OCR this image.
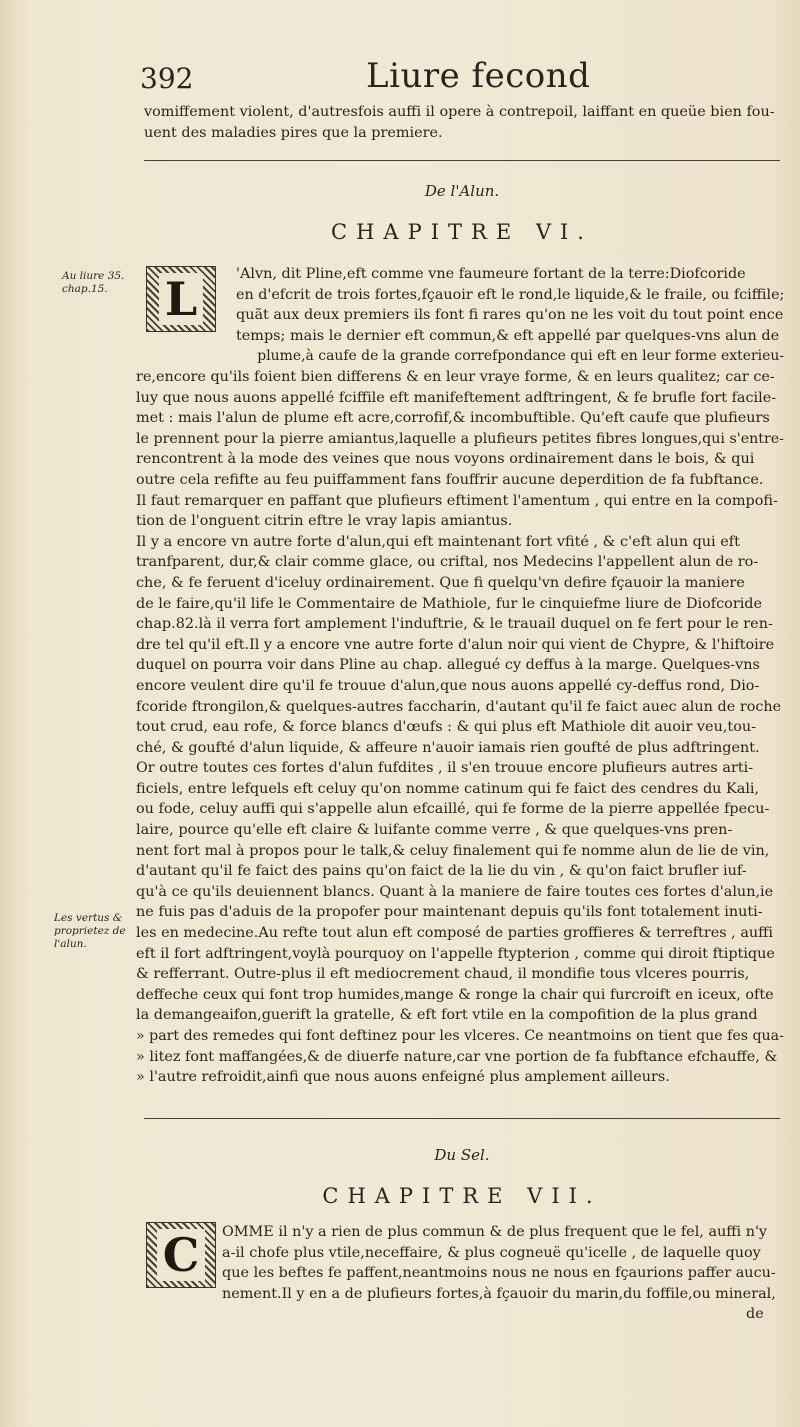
392	Liure fecond
vomiffement violent, d'autresfois auffi il opere à contrepoil, laiffant en queüe bien fou-
uent des maladies pires que la premiere.
De l'Alun.
CHAPITRE VI.
Au liure 35.
chap.15.	L	'Alvn, dit Pline,eft comme vne faumeure fortant de la terre:Diofcoride
en d'efcrit de trois fortes,fçauoir eft le rond,le liquide,& le fraile, ou fciffile;
quãt aux deux premiers ils font fi rares qu'on ne les voit du tout point ence
temps; mais le dernier eft commun,& eft appellé par quelques-vns alun de
plume,à caufe de la grande correfpondance qui eft en leur forme exterieu-
re,encore qu'ils foient bien differens & en leur vraye forme, & en leurs qualitez; car ce-
luy que nous auons appellé fciffile eft manifeftement adftringent, & fe brufle fort facile-
met : mais l'alun de plume eft acre,corrofif,& incombuftible. Qu'eft caufe que plufieurs
le prennent pour la pierre amiantus,laquelle a plufieurs petites fibres longues,qui s'entre-
rencontrent à la mode des veines que nous voyons ordinairement dans le bois, & qui
outre cela refifte au feu puiffamment fans fouffrir aucune deperdition de fa fubftance.
Il faut remarquer en paffant que plufieurs eftiment l'amentum , qui entre en la compofi-
tion de l'onguent citrin eftre le vray lapis amiantus.
Il y a encore vn autre forte d'alun,qui eft maintenant fort vfité , & c'eft alun qui eft
tranfparent, dur,& clair comme glace, ou criftal, nos Medecins l'appellent alun de ro-
che, & fe feruent d'iceluy ordinairement. Que fi quelqu'vn defire fçauoir la maniere
de le faire,qu'il life le Commentaire de Mathiole, fur le cinquiefme liure de Diofcoride
chap.82.là il verra fort amplement l'induftrie, & le trauail duquel on fe fert pour le ren-
dre tel qu'il eft.Il y a encore vne autre forte d'alun noir qui vient de Chypre, & l'hiftoire
duquel on pourra voir dans Pline au chap. allegué cy deffus à la marge. Quelques-vns
encore veulent dire qu'il fe trouue d'alun,que nous auons appellé cy-deffus rond, Dio-
fcoride ftrongilon,& quelques-autres faccharin, d'autant qu'il fe faict auec alun de roche
tout crud, eau rofe, & force blancs d'œufs : & qui plus eft Mathiole dit auoir veu,tou-
ché, & goufté d'alun liquide, & affeure n'auoir iamais rien goufté de plus adftringent.
Or outre toutes ces fortes d'alun fufdites , il s'en trouue encore plufieurs autres arti-
ficiels, entre lefquels eft celuy qu'on nomme catinum qui fe faict des cendres du Kali,
ou fode, celuy auffi qui s'appelle alun efcaillé, qui fe forme de la pierre appellée fpecu-
laire, pource qu'elle eft claire & luifante comme verre , & que quelques-vns pren-
nent fort mal à propos pour le talk,& celuy finalement qui fe nomme alun de lie de vin,
d'autant qu'il fe faict des pains qu'on faict de la lie du vin , & qu'on faict brufler iuf-
qu'à ce qu'ils deuiennent blancs. Quant à la maniere de faire toutes ces fortes d'alun,ie
ne fuis pas d'aduis de la propofer pour maintenant depuis qu'ils font totalement inuti-
les en medecine.Au refte tout alun eft composé de parties groffieres & terreftres , auffi
eft il fort adftringent,voylà pourquoy on l'appelle ftypterion , comme qui diroit ftiptique
& refferrant. Outre-plus il eft mediocrement chaud, il mondifie tous vlceres pourris,
deffeche ceux qui font trop humides,mange & ronge la chair qui furcroift en iceux, ofte
la demangeaifon,guerift la gratelle, & eft fort vtile en la compofition de la plus grand
» part des remedes qui font deftinez pour les vlceres. Ce neantmoins on tient que fes qua-
» litez font maffangées,& de diuerfe nature,car vne portion de fa fubftance efchauffe, &
» l'autre refroidit,ainfi que nous auons enfeigné plus amplement ailleurs.
Les vertus &
proprietez de
l'alun.
Du Sel.
CHAPITRE VII.
C	OMME il n'y a rien de plus commun & de plus frequent que le fel, auffi n'y
a-il chofe plus vtile,neceffaire, & plus cogneuë qu'icelle , de laquelle quoy
que les beftes fe paffent,neantmoins nous ne nous en fçaurions paffer aucu-
nement.Il y en a de plufieurs fortes,à fçauoir du marin,du foffile,ou mineral,
de
